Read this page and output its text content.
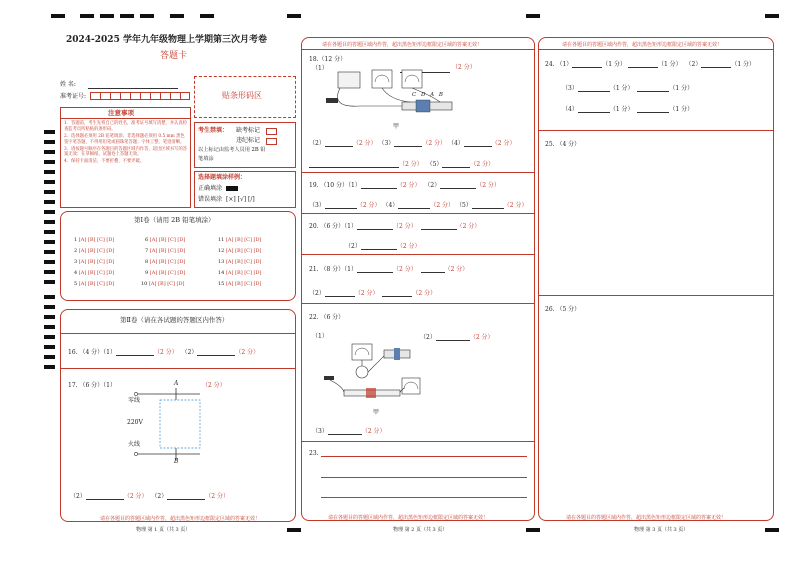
2024-2025 学年九年级物理上学期第三次月考卷
答题卡
姓 名:
准考证号:	贴条形码区
注意事项
1．答题前，考生先将自己的姓名，准考证号填写清楚，并认真检查监考员所粘贴的条形码。
2．选择题必须用 2B 铅笔填涂；非选择题必须用 0.5 mm 黑色签字笔答题，不得用铅笔或圆珠笔答题；字体工整、笔迹清晰。
3．请按题号顺序在各题目的答题区域内作答，超出区域书写的答案无效；在草稿纸、试题卷上答题无效。
4．保持卡面清洁，不要折叠、不要弄破。
考生禁填： 缺考标记
违纪标记
以上标记由监考人员用 2B 铅
笔填涂
选择题填涂样例：
正确填涂
错误填涂 [×] [√] [/]
第Ⅰ卷（请用 2B 铅笔填涂）
1 [A] [B] [C] [D]	6 [A] [B] [C] [D]	11 [A] [B] [C] [D]
2 [A] [B] [C] [D]	7 [A] [B] [C] [D]	12 [A] [B] [C] [D]
3 [A] [B] [C] [D]	8 [A] [B] [C] [D]	13 [A] [B] [C] [D]
4 [A] [B] [C] [D]	9 [A] [B] [C] [D]	14 [A] [B] [C] [D]
5 [A] [B] [C] [D]	10 [A] [B] [C] [D]	15 [A] [B] [C] [D]
第Ⅱ卷（请在各试题的答题区内作答）
16. （4 分）（1）	（2 分） （2）	（2 分）
17. （6 分）（1）	（2 分）
A
零线
220V
火线
B
（2）	（2 分） （2）	（2 分）
请在各题目的答题区域内作答，超出黑色矩形边框限定区域的答案无效！
物理 第 1 页（共 3 页）
请在各题目的答题区域内作答，超出黑色矩形边框限定区域的答案无效！
18.（12 分）
（1）	（2 分）
C D A B
甲
（2）	（2 分） （3）	（2 分） （4）	（2 分）
（2 分） （5）	（2 分）
19. （10 分）（1）	（2 分） （2）	（2 分）
（3）	（2 分） （4）	（2 分） （5）	（2 分）
20. （6 分）（1）	（2 分）	（2 分）
（2）	（2 分）
21. （8 分）（1）	（2 分）	（2 分）
（2）	（2 分）	（2 分）
22. （6 分）
（1）	（2）	（2 分）
甲
（3）	（2 分）
23.
请在各题目的答题区域内作答，超出黑色矩形边框限定区域的答案无效！
物理 第 2 页（共 3 页）
请在各题目的答题区域内作答，超出黑色矩形边框限定区域的答案无效！
24. （1）	（1 分）	（1 分） （2）	（1 分）
（3）	（1 分）	（1 分）
（4）	（1 分）	（1 分）
25. （4 分）
26. （5 分）
请在各题目的答题区域内作答，超出黑色矩形边框限定区域的答案无效！
物理 第 3 页（共 3 页）
